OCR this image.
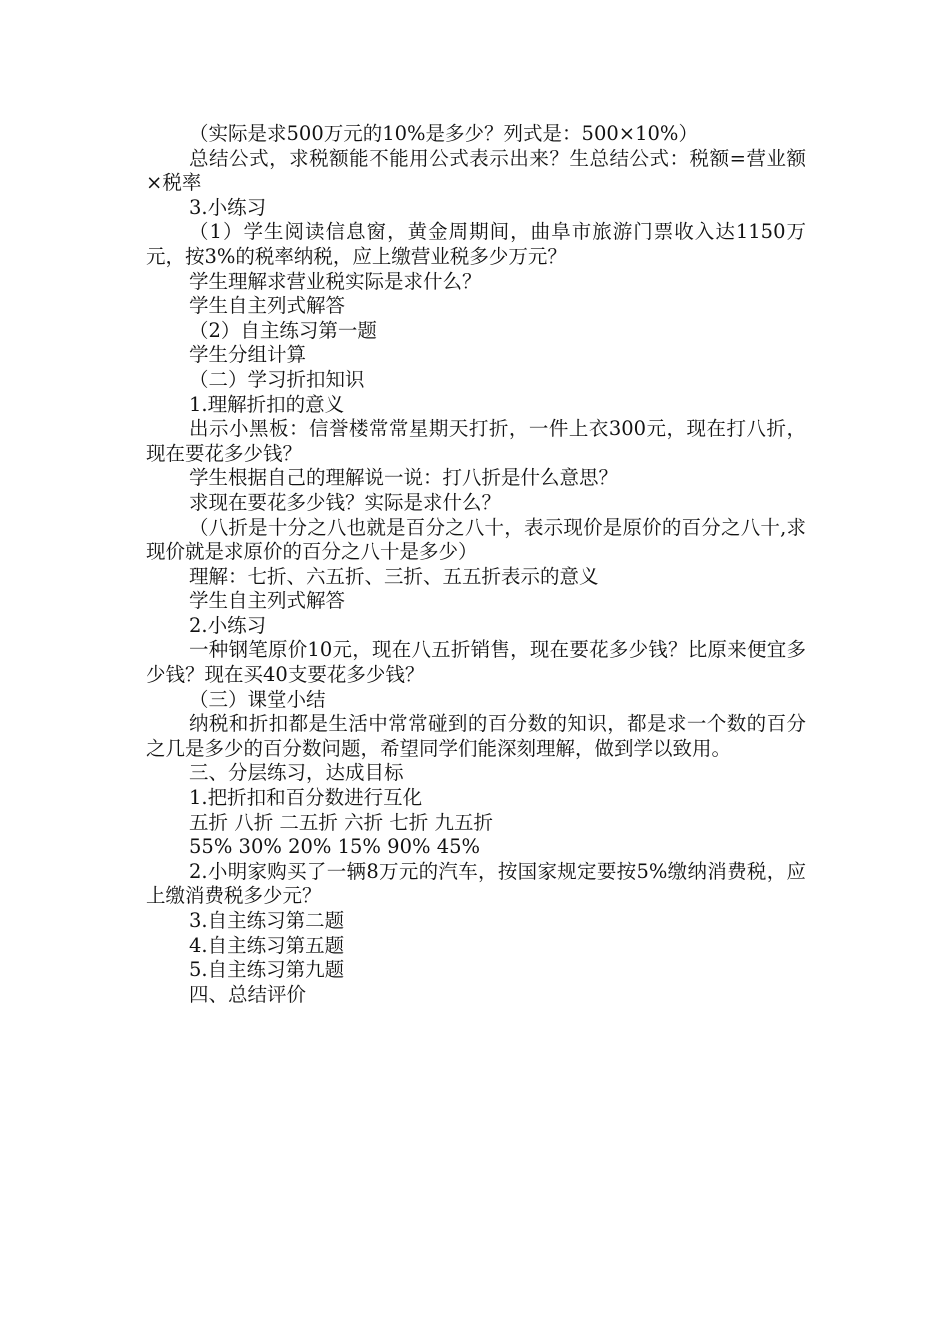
（实际是求500万元的10%是多少？列式是：500×10%）

总结公式，求税额能不能用公式表示出来？生总结公式：税额=营业额×税率

3.小练习

（1）学生阅读信息窗，黄金周期间，曲阜市旅游门票收入达1150万元，按3%的税率纳税，应上缴营业税多少万元？

学生理解求营业税实际是求什么？

学生自主列式解答

（2）自主练习第一题

学生分组计算

（二）学习折扣知识

1.理解折扣的意义

出示小黑板：信誉楼常常星期天打折，一件上衣300元，现在打八折，现在要花多少钱？

学生根据自己的理解说一说：打八折是什么意思？

求现在要花多少钱？实际是求什么？

（八折是十分之八也就是百分之八十，表示现价是原价的百分之八十,求现价就是求原价的百分之八十是多少）

理解：七折、六五折、三折、五五折表示的意义

学生自主列式解答

2.小练习

一种钢笔原价10元，现在八五折销售，现在要花多少钱？比原来便宜多少钱？现在买40支要花多少钱？

（三）课堂小结

纳税和折扣都是生活中常常碰到的百分数的知识，都是求一个数的百分之几是多少的百分数问题，希望同学们能深刻理解，做到学以致用。

三、分层练习，达成目标

1.把折扣和百分数进行互化

五折 八折 二五折 六折 七折 九五折

55% 30% 20% 15% 90% 45%

2.小明家购买了一辆8万元的汽车，按国家规定要按5%缴纳消费税，应上缴消费税多少元？

3.自主练习第二题

4.自主练习第五题

5.自主练习第九题

四、总结评价
